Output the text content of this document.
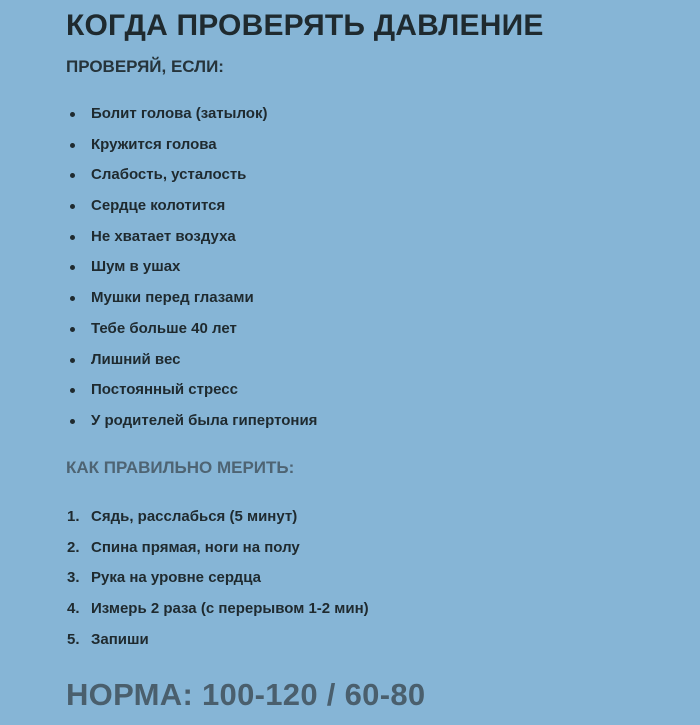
КОГДА ПРОВЕРЯТЬ ДАВЛЕНИЕ
ПРОВЕРЯЙ, ЕСЛИ:
Болит голова (затылок)
Кружится голова
Слабость, усталость
Сердце колотится
Не хватает воздуха
Шум в ушах
Мушки перед глазами
Тебе больше 40 лет
Лишний вес
Постоянный стресс
У родителей была гипертония
КАК ПРАВИЛЬНО МЕРИТЬ:
1. Сядь, расслабься (5 минут)
2. Спина прямая, ноги на полу
3. Рука на уровне сердца
4. Измерь 2 раза (с перерывом 1-2 мин)
5. Запиши
НОРМА: 100-120 / 60-80
